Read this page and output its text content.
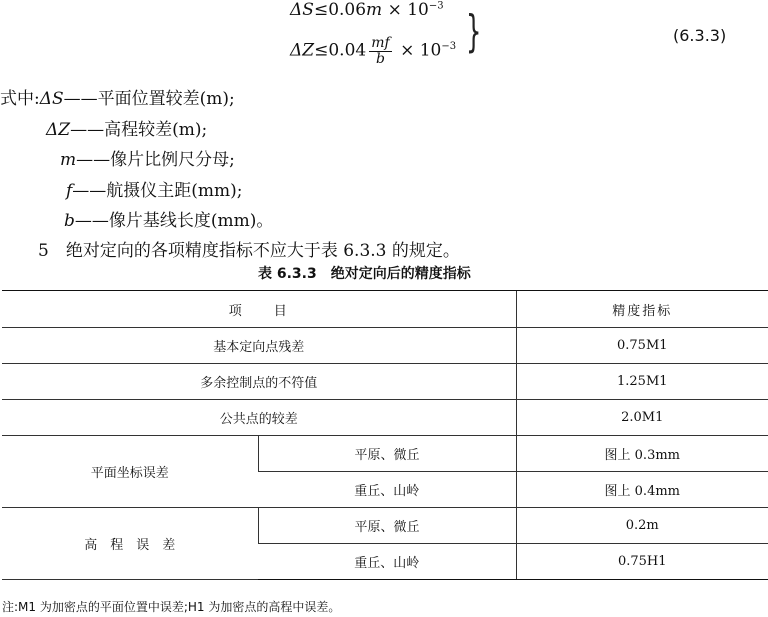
$\Delta S\le 0.06m \times 10^{-3}$
$\Delta Z\le 0.04 \frac{mf}{b} \times 10^{-3}$ }	(6.3.3)
式中:ΔS——平面位置较差(m);
ΔZ——高程较差(m);
m——像片比例尺分母;
f——航摄仪主距(mm);
b——像片基线长度(mm)。
5　绝对定向的各项精度指标不应大于表 6.3.3 的规定。
表 6.3.3　绝对定向后的精度指标
项　　目		精度指标
基本定向点残差		0.75M1
多余控制点的不符值		1.25M1
公共点的较差		2.0M1
平面坐标误差	平原、微丘	图上 0.3mm
	重丘、山岭	图上 0.4mm
高　程　误　差	平原、微丘	0.2m
	重丘、山岭	0.75H1
注:M1 为加密点的平面位置中误差;H1 为加密点的高程中误差。
